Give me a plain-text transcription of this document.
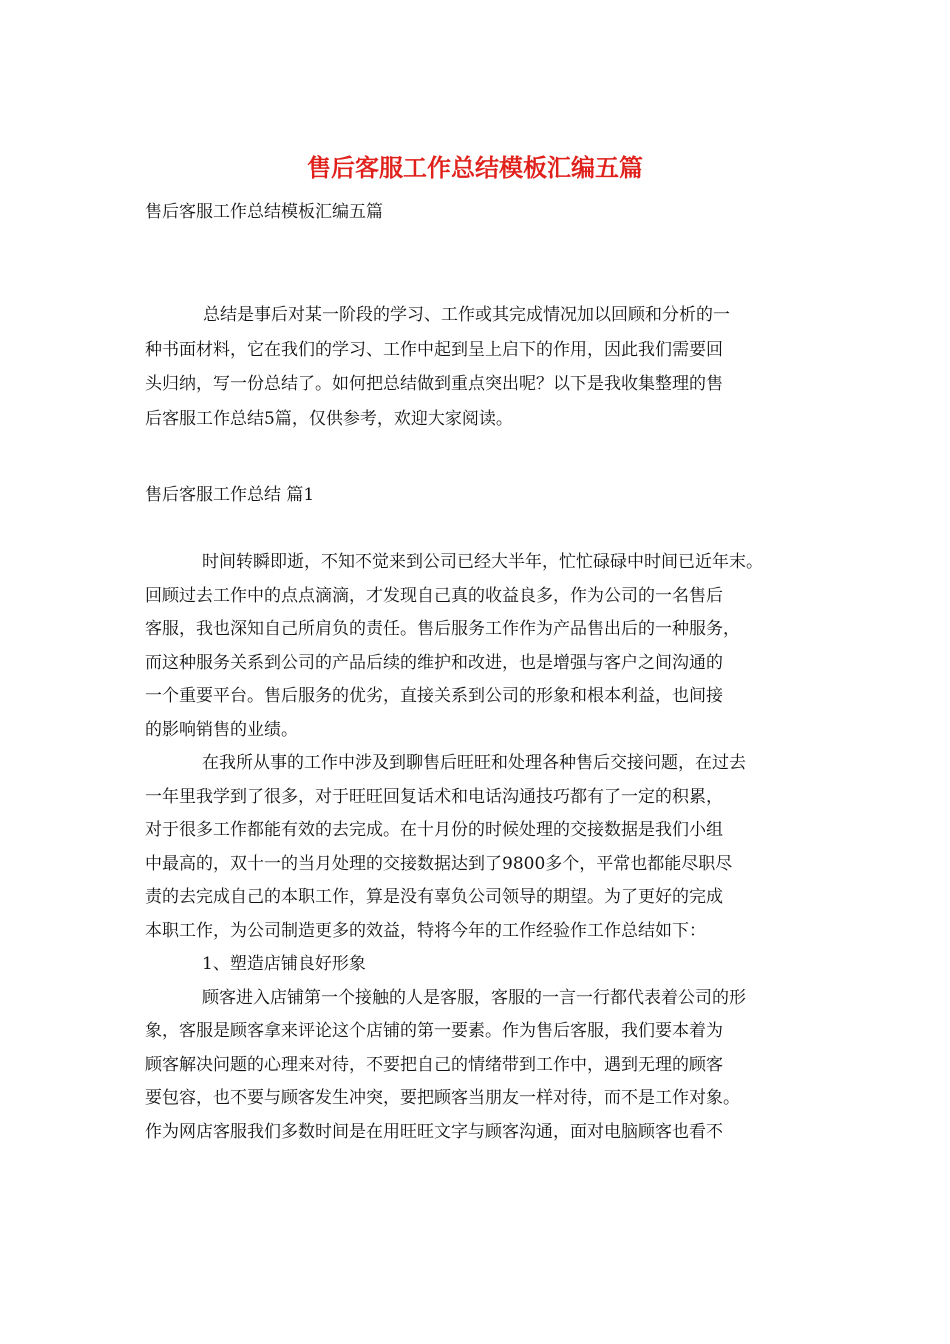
售后客服工作总结模板汇编五篇
售后客服工作总结模板汇编五篇
总结是事后对某一阶段的学习、工作或其完成情况加以回顾和分析的一
种书面材料，它在我们的学习、工作中起到呈上启下的作用，因此我们需要回
头归纳，写一份总结了。如何把总结做到重点突出呢？以下是我收集整理的售
后客服工作总结5篇，仅供参考，欢迎大家阅读。
售后客服工作总结 篇1
时间转瞬即逝，不知不觉来到公司已经大半年，忙忙碌碌中时间已近年末。
回顾过去工作中的点点滴滴，才发现自己真的收益良多，作为公司的一名售后
客服，我也深知自己所肩负的责任。售后服务工作作为产品售出后的一种服务，
而这种服务关系到公司的产品后续的维护和改进，也是增强与客户之间沟通的
一个重要平台。售后服务的优劣，直接关系到公司的形象和根本利益，也间接
的影响销售的业绩。
在我所从事的工作中涉及到聊售后旺旺和处理各种售后交接问题，在过去
一年里我学到了很多，对于旺旺回复话术和电话沟通技巧都有了一定的积累，
对于很多工作都能有效的去完成。在十月份的时候处理的交接数据是我们小组
中最高的，双十一的当月处理的交接数据达到了9800多个，平常也都能尽职尽
责的去完成自己的本职工作，算是没有辜负公司领导的期望。为了更好的完成
本职工作，为公司制造更多的效益，特将今年的工作经验作工作总结如下：
1、塑造店铺良好形象
顾客进入店铺第一个接触的人是客服，客服的一言一行都代表着公司的形
象，客服是顾客拿来评论这个店铺的第一要素。作为售后客服，我们要本着为
顾客解决问题的心理来对待，不要把自己的情绪带到工作中，遇到无理的顾客
要包容，也不要与顾客发生冲突，要把顾客当朋友一样对待，而不是工作对象。
作为网店客服我们多数时间是在用旺旺文字与顾客沟通，面对电脑顾客也看不
